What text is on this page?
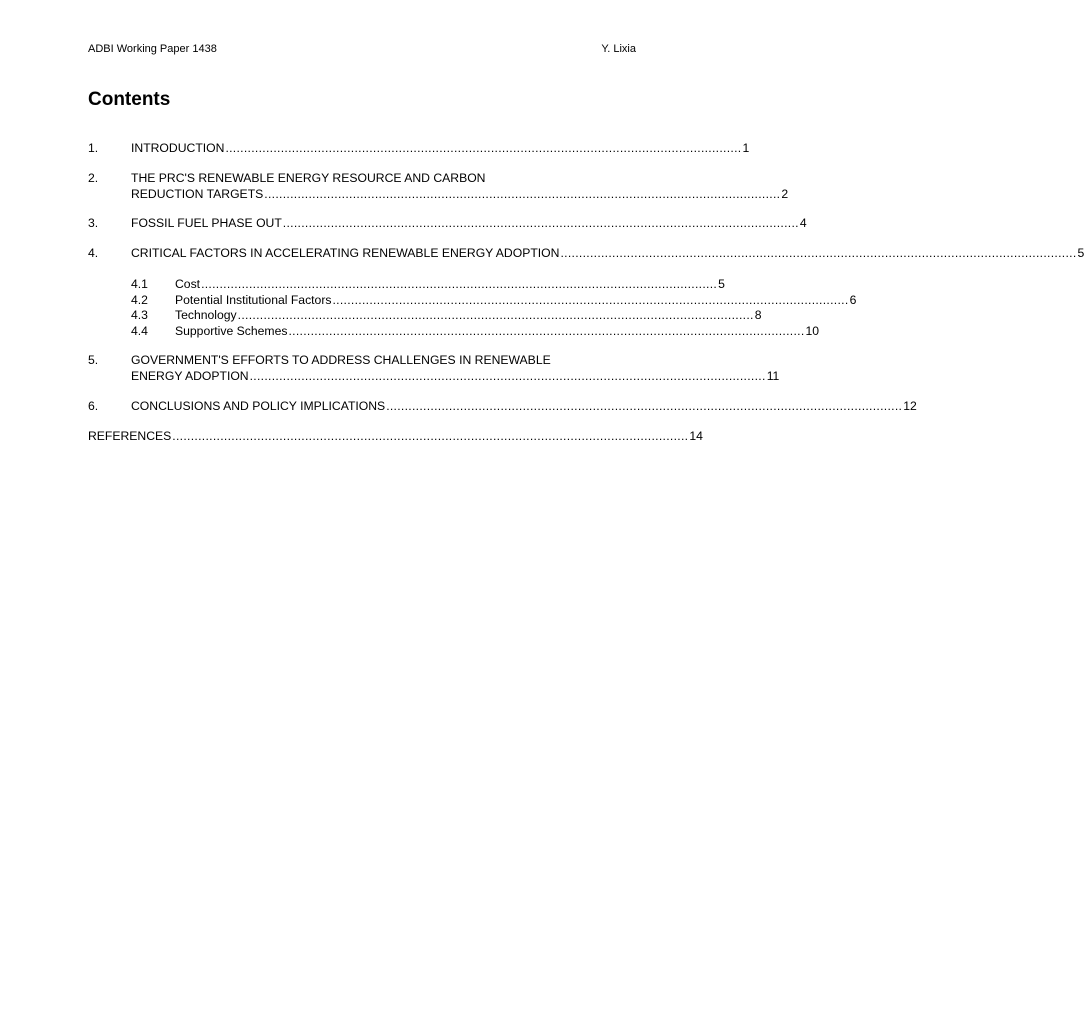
ADBI Working Paper 1438	Y. Lixia
Contents
1.	INTRODUCTION ............................................................................................................................................ 1
2.	THE PRC'S RENEWABLE ENERGY RESOURCE AND CARBON
REDUCTION TARGETS ............................................................................................................................................ 2
3.	FOSSIL FUEL PHASE OUT ............................................................................................................................................ 4
4.	CRITICAL FACTORS IN ACCELERATING RENEWABLE ENERGY ADOPTION ............................................................................................................................................ 5
4.1 Cost ............................................................................................................................................ 5
4.2 Potential Institutional Factors ............................................................................................................................................ 6
4.3 Technology ............................................................................................................................................ 8
4.4 Supportive Schemes ............................................................................................................................................ 10
5.	GOVERNMENT'S EFFORTS TO ADDRESS CHALLENGES IN RENEWABLE
ENERGY ADOPTION ............................................................................................................................................ 11
6.	CONCLUSIONS AND POLICY IMPLICATIONS ............................................................................................................................................ 12
REFERENCES ............................................................................................................................................ 14
